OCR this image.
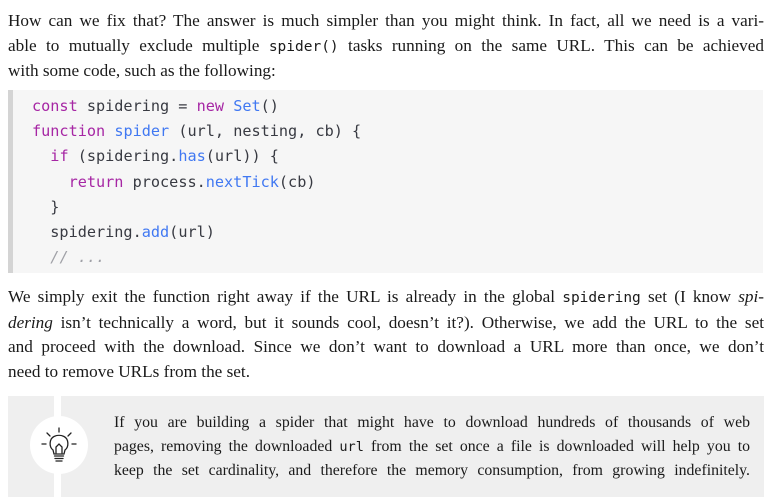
How can we fix that? The answer is much simpler than you might think. In fact, all we need is a vari-
able to mutually exclude multiple spider() tasks running on the same URL. This can be achieved
with some code, such as the following:
const spidering = new Set()
function spider (url, nesting, cb) {
if (spidering.has(url)) {
return process.nextTick(cb)
}
spidering.add(url)
// ...
We simply exit the function right away if the URL is already in the global spidering set (I know spi-
dering isn’t technically a word, but it sounds cool, doesn’t it?). Otherwise, we add the URL to the set
and proceed with the download. Since we don’t want to download a URL more than once, we don’t
need to remove URLs from the set.
If you are building a spider that might have to download hundreds of thousands of web
pages, removing the downloaded url from the set once a file is downloaded will help you to
keep the set cardinality, and therefore the memory consumption, from growing indefinitely.
